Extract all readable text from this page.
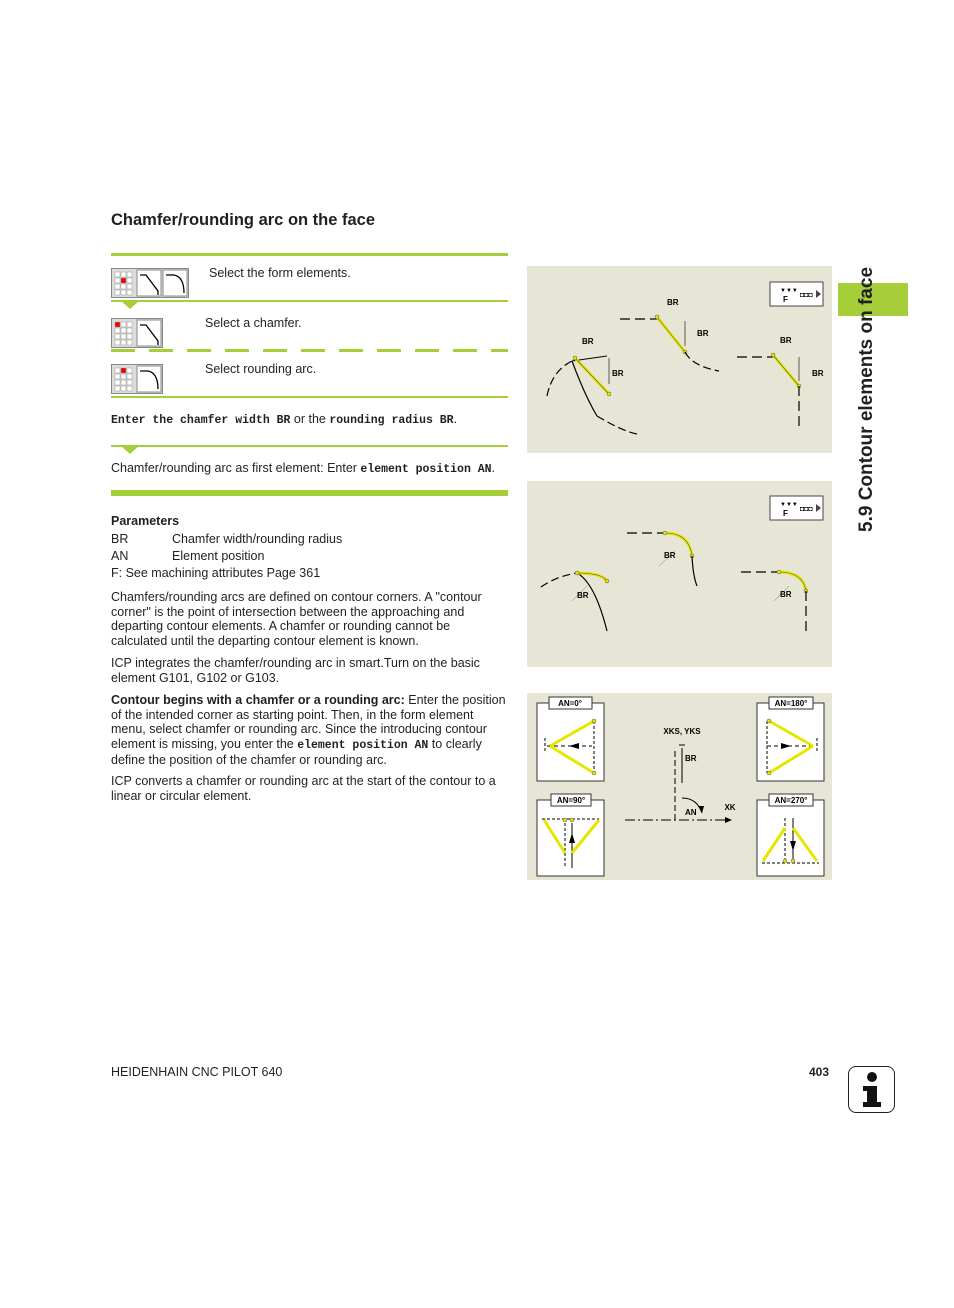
5.9 Contour elements on face
Chamfer/rounding arc on the face
Select the form elements.
Select a chamfer.
Select rounding arc.
Enter the chamfer width BR or the rounding radius BR.
Chamfer/rounding arc as first element: Enter element position AN.
Parameters
BR	Chamfer width/rounding radius
AN	Element position
F: See machining attributes Page 361

Chamfers/rounding arcs are defined on contour corners. A "contour corner" is the point of intersection between the approaching and departing contour elements. A chamfer or rounding cannot be calculated until the departing contour element is known.

ICP integrates the chamfer/rounding arc in smart.Turn on the basic element G101, G102 or G103.

Contour begins with a chamfer or a rounding arc: Enter the position of the intended corner as starting point. Then, in the form element menu, select chamfer or rounding arc. Since the introducing contour element is missing, you enter the element position AN to clearly define the position of the chamfer or rounding arc.

ICP converts a chamfer or rounding arc at the start of the contour to a linear or circular element.

▼▼▼
F ◘◘◘
BR
BR
BR
BR
BR
BR
▼▼▼
F ◘◘◘
BR
BR
BR
AN=0°
AN=90°
AN=180°
AN=270°
XKS, YKS
XK
BR
AN
HEIDENHAIN CNC PILOT 640	403
